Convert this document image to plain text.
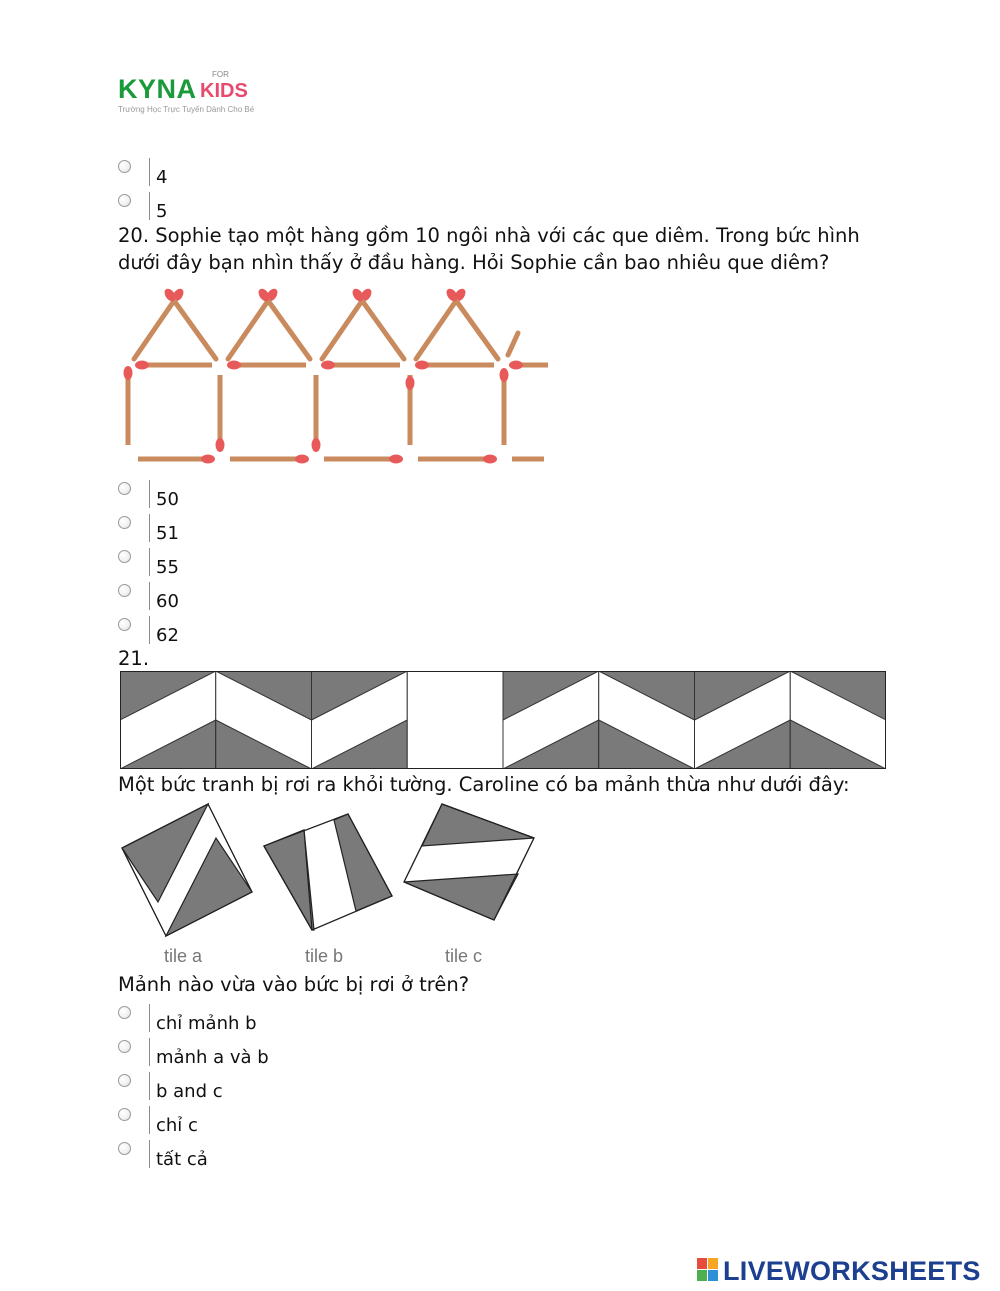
KYNA FOR
KIDS
Trường Học Trực Tuyến Dành Cho Bé
4
5
20. Sophie tạo một hàng gồm 10 ngôi nhà với các que diêm. Trong bức hình
dưới đây bạn nhìn thấy ở đầu hàng. Hỏi Sophie cần bao nhiêu que diêm?
50
51
55
60
62
21.
Một bức tranh bị rơi ra khỏi tường. Caroline có ba mảnh thừa như dưới đây:
tile a	tile b	tile c
Mảnh nào vừa vào bức bị rơi ở trên?
chỉ mảnh b
mảnh a và b
b and c
chỉ c
tất cả
LIVEWORKSHEETS
